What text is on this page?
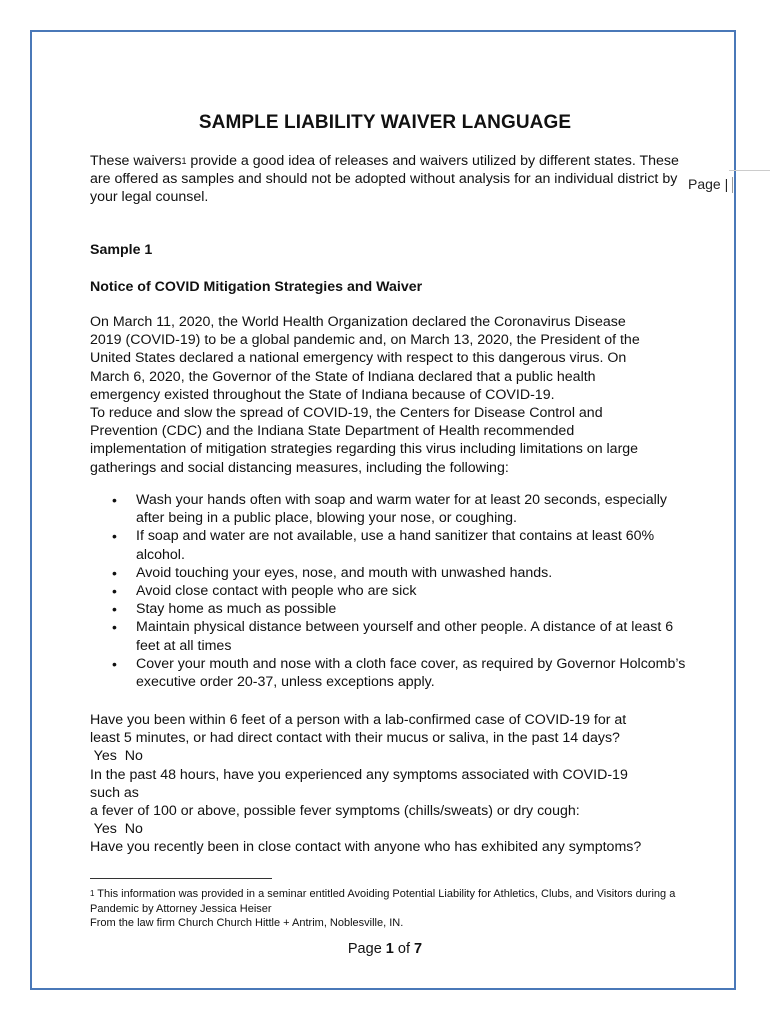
Page |
SAMPLE LIABILITY WAIVER LANGUAGE
These waivers$^1$ provide a good idea of releases and waivers utilized by different states. These are offered as samples and should not be adopted without analysis for an individual district by your legal counsel.
Sample 1
Notice of COVID Mitigation Strategies and Waiver
On March 11, 2020, the World Health Organization declared the Coronavirus Disease
2019 (COVID-19) to be a global pandemic and, on March 13, 2020, the President of the
United States declared a national emergency with respect to this dangerous virus. On
March 6, 2020, the Governor of the State of Indiana declared that a public health
emergency existed throughout the State of Indiana because of COVID-19.
To reduce and slow the spread of COVID-19, the Centers for Disease Control and
Prevention (CDC) and the Indiana State Department of Health recommended
implementation of mitigation strategies regarding this virus including limitations on large
gatherings and social distancing measures, including the following:
• Wash your hands often with soap and warm water for at least 20 seconds, especially after being in a public place, blowing your nose, or coughing.
• If soap and water are not available, use a hand sanitizer that contains at least 60% alcohol.
• Avoid touching your eyes, nose, and mouth with unwashed hands.
• Avoid close contact with people who are sick
• Stay home as much as possible
• Maintain physical distance between yourself and other people. A distance of at least 6 feet at all times
• Cover your mouth and nose with a cloth face cover, as required by Governor Holcomb’s executive order 20-37, unless exceptions apply.
Have you been within 6 feet of a person with a lab-confirmed case of COVID-19 for at
least 5 minutes, or had direct contact with their mucus or saliva, in the past 14 days?
Yes  No
In the past 48 hours, have you experienced any symptoms associated with COVID-19
such as
a fever of 100 or above, possible fever symptoms (chills/sweats) or dry cough:
Yes  No
Have you recently been in close contact with anyone who has exhibited any symptoms?
$^1$ This information was provided in a seminar entitled Avoiding Potential Liability for Athletics, Clubs, and Visitors during a Pandemic by Attorney Jessica Heiser
From the law firm Church Church Hittle + Antrim, Noblesville, IN.
Page 1 of 7
